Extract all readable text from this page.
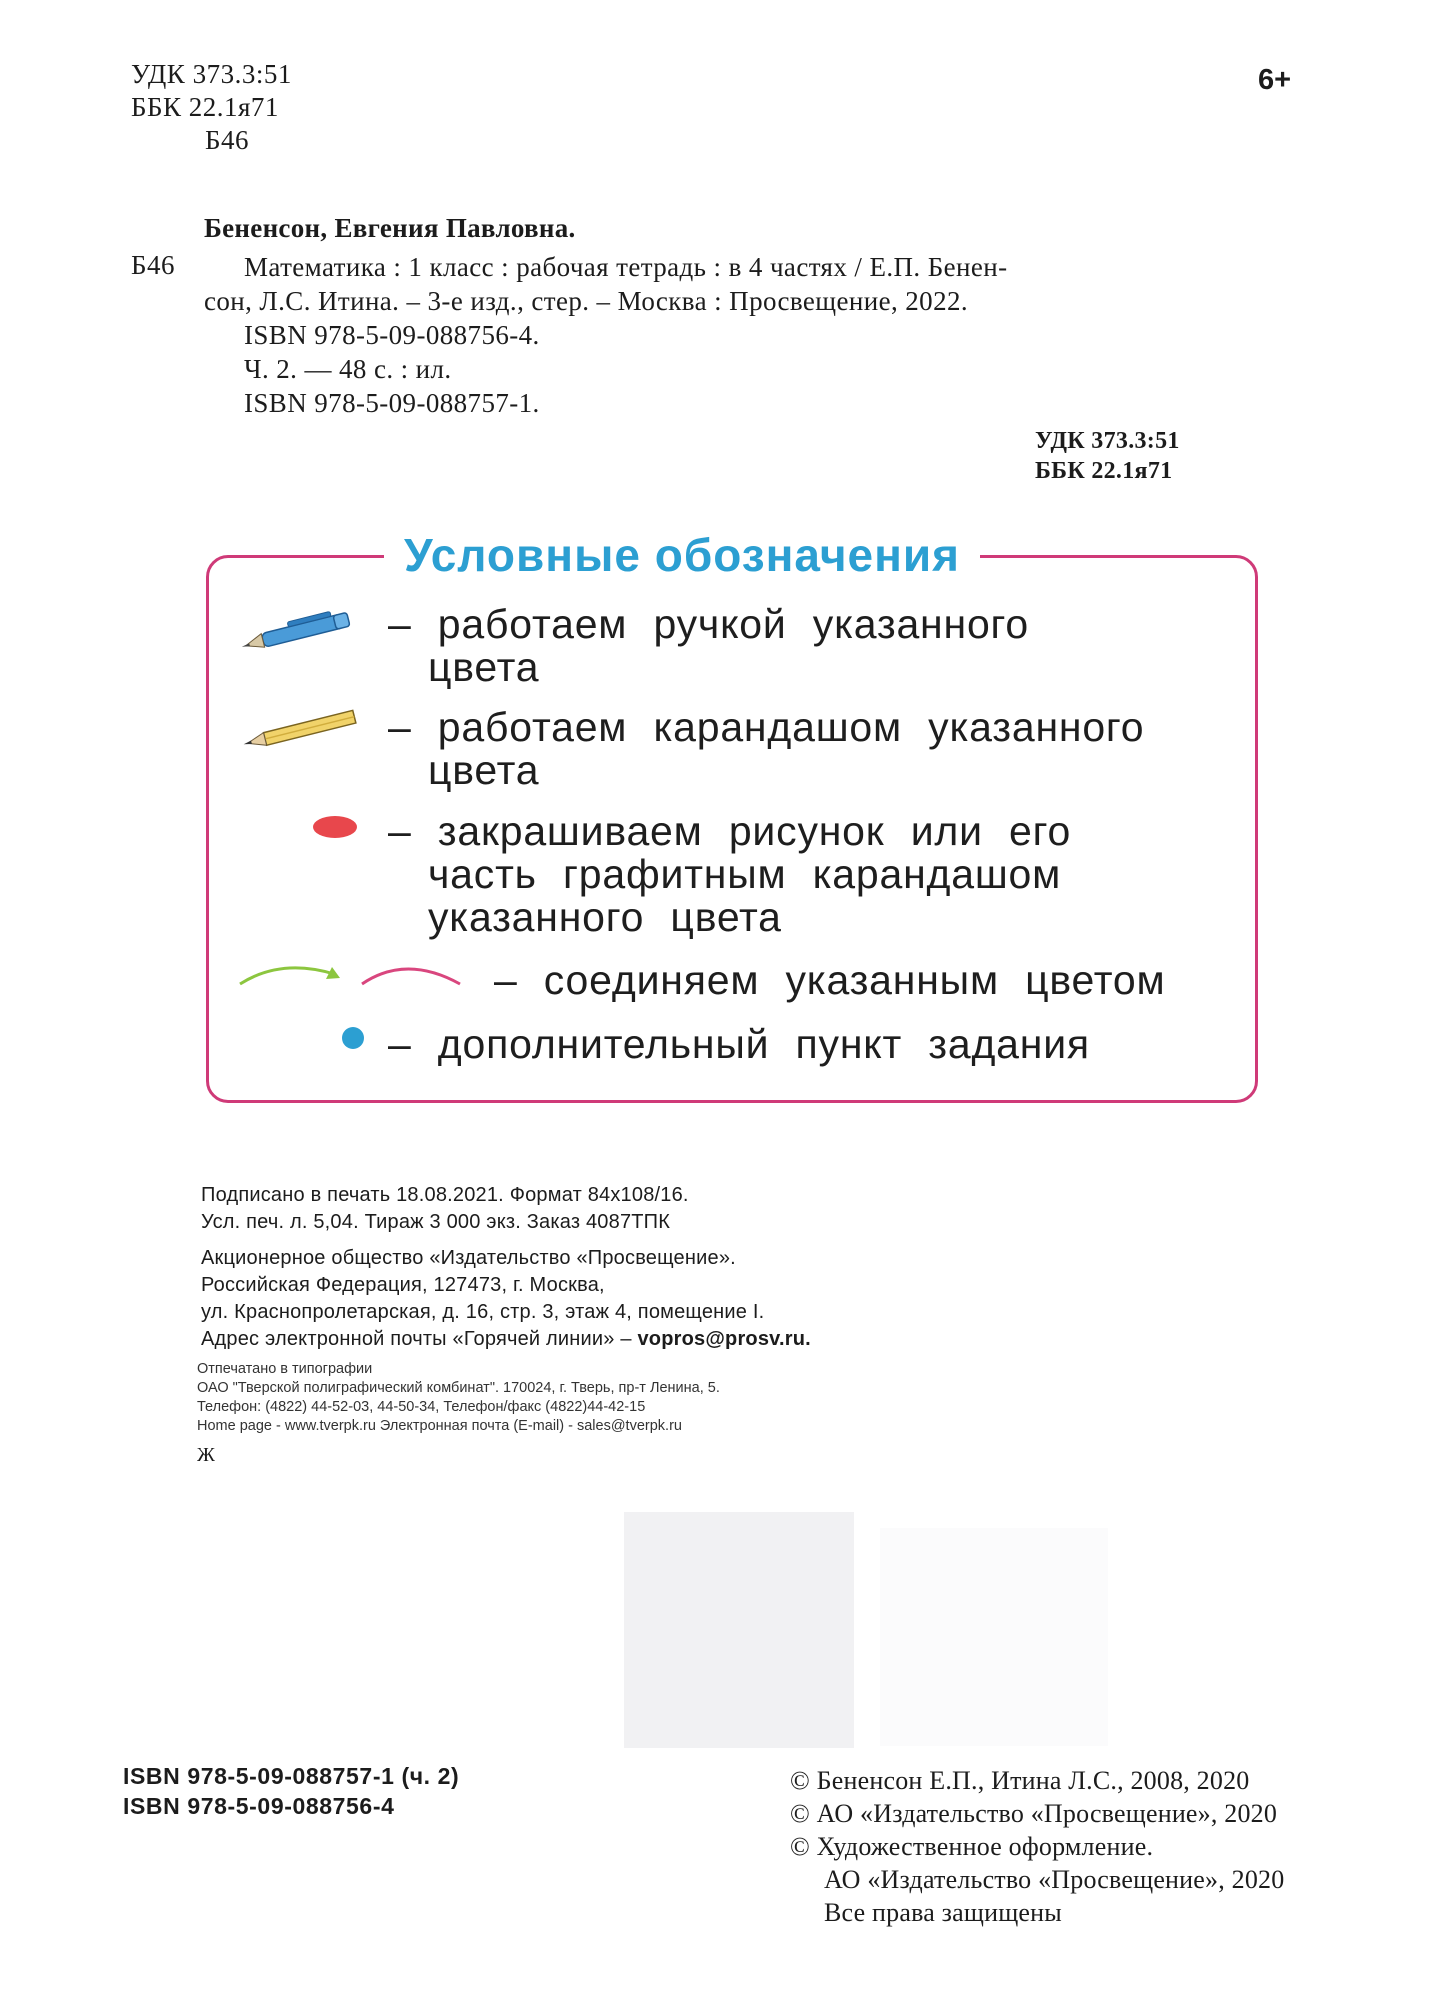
УДК 373.3:51
ББК 22.1я71
Б46
6+
Бененсон, Евгения Павловна.
Б46	Математика : 1 класс : рабочая тетрадь : в 4 частях / Е.П. Бенен-
сон, Л.С. Итина. – 3-е изд., стер. – Москва : Просвещение, 2022.
ISBN 978-5-09-088756-4.
Ч. 2. — 48 с. : ил.
ISBN 978-5-09-088757-1.
УДК 373.3:51
ББК 22.1я71
Условные обозначения
– работаем ручкой указанного
цвета
– работаем карандашом указанного
цвета
– закрашиваем рисунок или его
часть графитным карандашом
указанного цвета
– соединяем указанным цветом
– дополнительный пункт задания
Подписано в печать 18.08.2021. Формат 84х108/16.
Усл. печ. л. 5,04. Тираж 3 000 экз. Заказ 4087ТПК
Акционерное общество «Издательство «Просвещение».
Российская Федерация, 127473, г. Москва,
ул. Краснопролетарская, д. 16, стр. 3, этаж 4, помещение I.
Адрес электронной почты «Горячей линии» – vopros@prosv.ru.
Отпечатано в типографии
ОАО "Тверской полиграфический комбинат". 170024, г. Тверь, пр-т Ленина, 5.
Телефон: (4822) 44-52-03, 44-50-34, Телефон/факс (4822)44-42-15
Home page - www.tverpk.ru Электронная почта (E-mail) - sales@tverpk.ru
Ж
ISBN 978-5-09-088757-1 (ч. 2)
ISBN 978-5-09-088756-4
© Бененсон Е.П., Итина Л.С., 2008, 2020
© АО «Издательство «Просвещение», 2020
© Художественное оформление.
АО «Издательство «Просвещение», 2020
Все права защищены
